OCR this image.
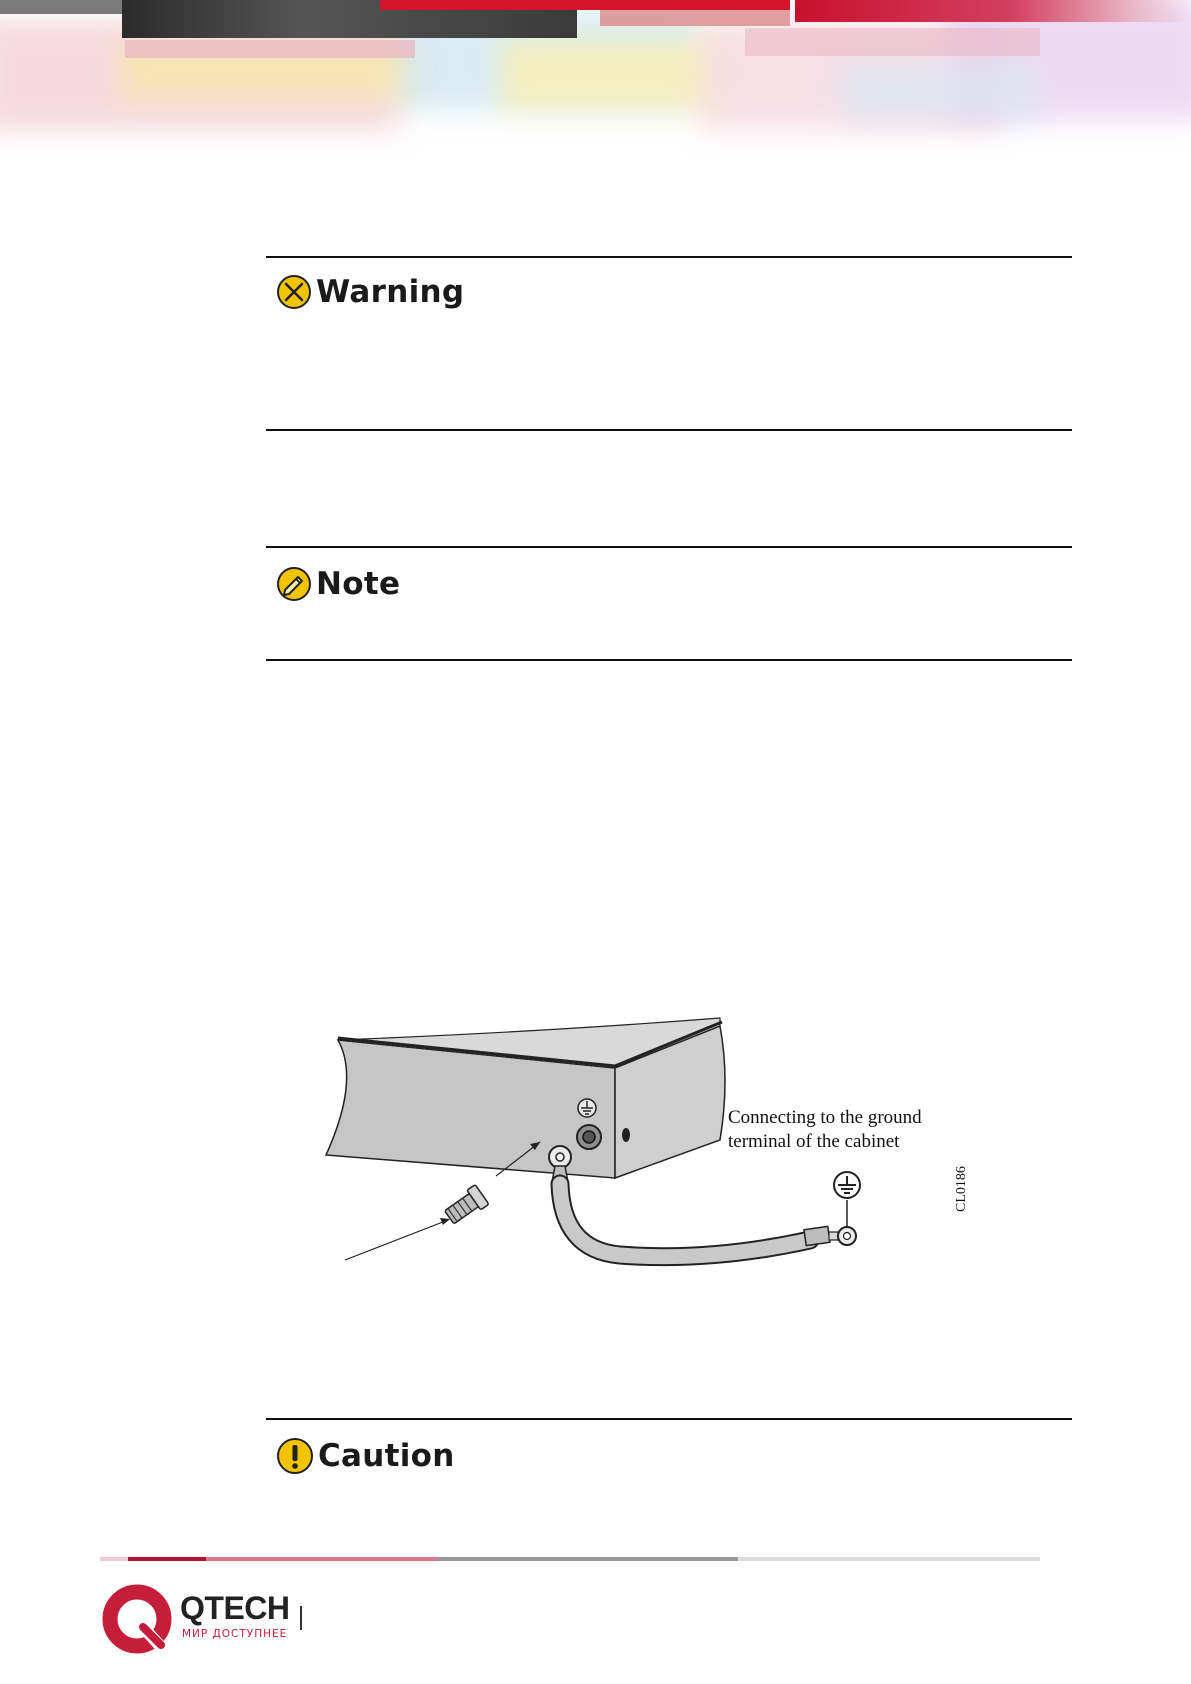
Warning
Note
Connecting to the ground
terminal of the cabinet
CL0186
Caution
QTECH
МИР ДОСТУПНЕЕ
